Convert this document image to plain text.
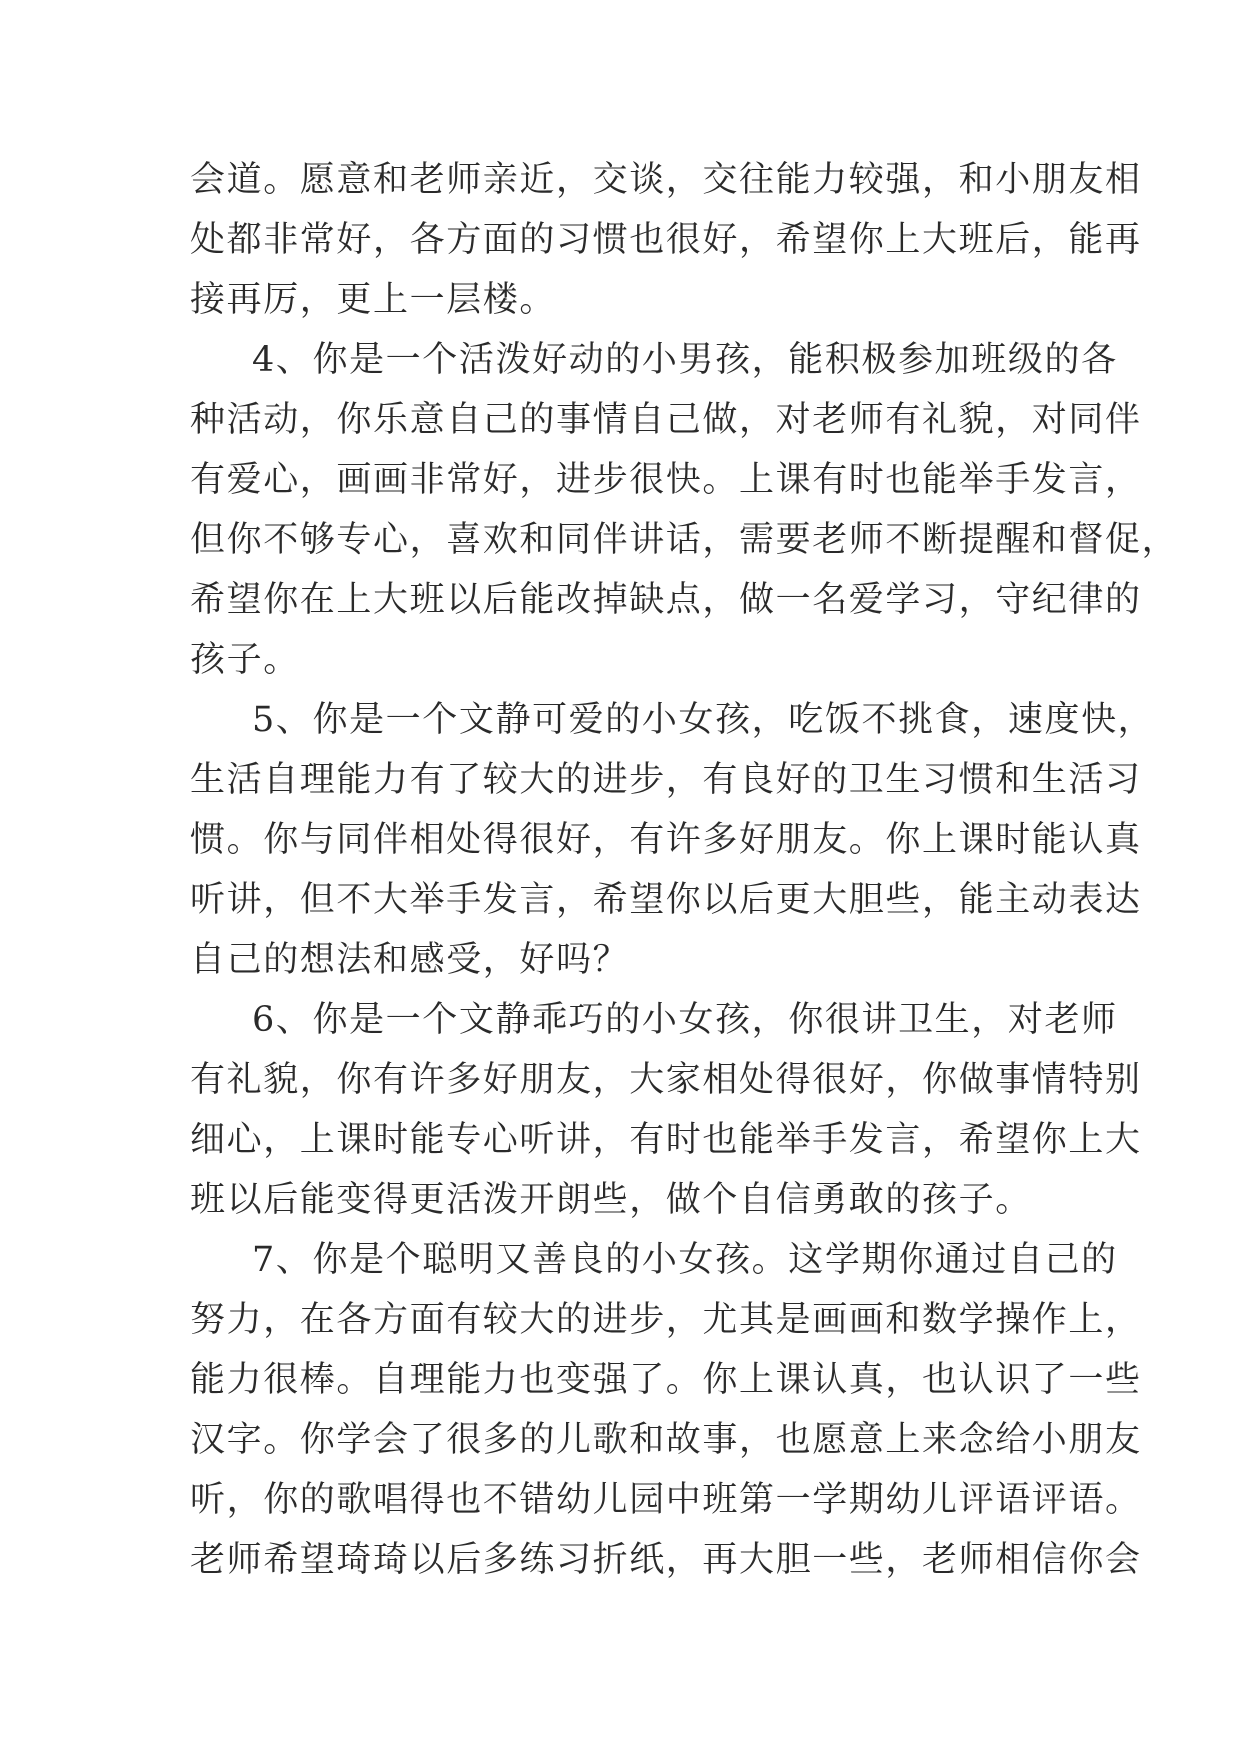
会道。愿意和老师亲近，交谈，交往能力较强，和小朋友相
处都非常好，各方面的习惯也很好，希望你上大班后，能再
接再厉，更上一层楼。
4、你是一个活泼好动的小男孩，能积极参加班级的各
种活动，你乐意自己的事情自己做，对老师有礼貌，对同伴
有爱心，画画非常好，进步很快。上课有时也能举手发言，
但你不够专心，喜欢和同伴讲话，需要老师不断提醒和督促，
希望你在上大班以后能改掉缺点，做一名爱学习，守纪律的
孩子。
5、你是一个文静可爱的小女孩，吃饭不挑食，速度快，
生活自理能力有了较大的进步，有良好的卫生习惯和生活习
惯。你与同伴相处得很好，有许多好朋友。你上课时能认真
听讲，但不大举手发言，希望你以后更大胆些，能主动表达
自己的想法和感受，好吗？
6、你是一个文静乖巧的小女孩，你很讲卫生，对老师
有礼貌，你有许多好朋友，大家相处得很好，你做事情特别
细心，上课时能专心听讲，有时也能举手发言，希望你上大
班以后能变得更活泼开朗些，做个自信勇敢的孩子。
7、你是个聪明又善良的小女孩。这学期你通过自己的
努力，在各方面有较大的进步，尤其是画画和数学操作上，
能力很棒。自理能力也变强了。你上课认真，也认识了一些
汉字。你学会了很多的儿歌和故事，也愿意上来念给小朋友
听，你的歌唱得也不错幼儿园中班第一学期幼儿评语评语。
老师希望琦琦以后多练习折纸，再大胆一些，老师相信你会
